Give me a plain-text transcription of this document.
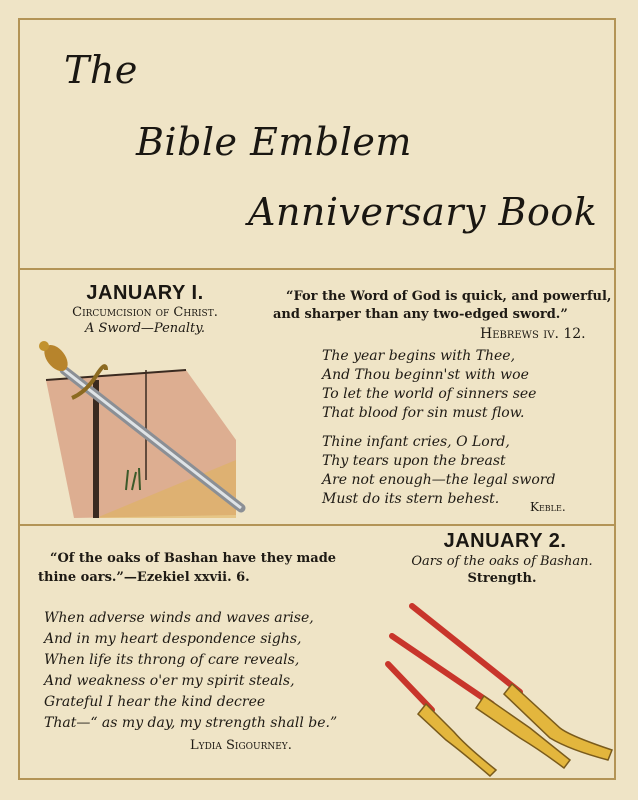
The
Bible Emblem
Anniversary Book
JANUARY I.
Circumcision of Christ.
A Sword—Penalty.
“For the Word of God is quick, and powerful,
and sharper than any two-edged sword.”
Hebrews iv. 12.
The year begins with Thee,
And Thou beginn'st with woe
To let the world of sinners see
That blood for sin must flow.
Thine infant cries, O Lord,
Thy tears upon the breast
Are not enough—the legal sword
Must do its stern behest.	Keble.
“Of the oaks of Bashan have they made
thine oars.”—Ezekiel xxvii. 6.
JANUARY 2.
Oars of the oaks of Bashan.
Strength.
When adverse winds and waves arise,
And in my heart despondence sighs,
When life its throng of care reveals,
And weakness o'er my spirit steals,
Grateful I hear the kind decree
That—“ as my day, my strength shall be.”
Lydia Sigourney.
